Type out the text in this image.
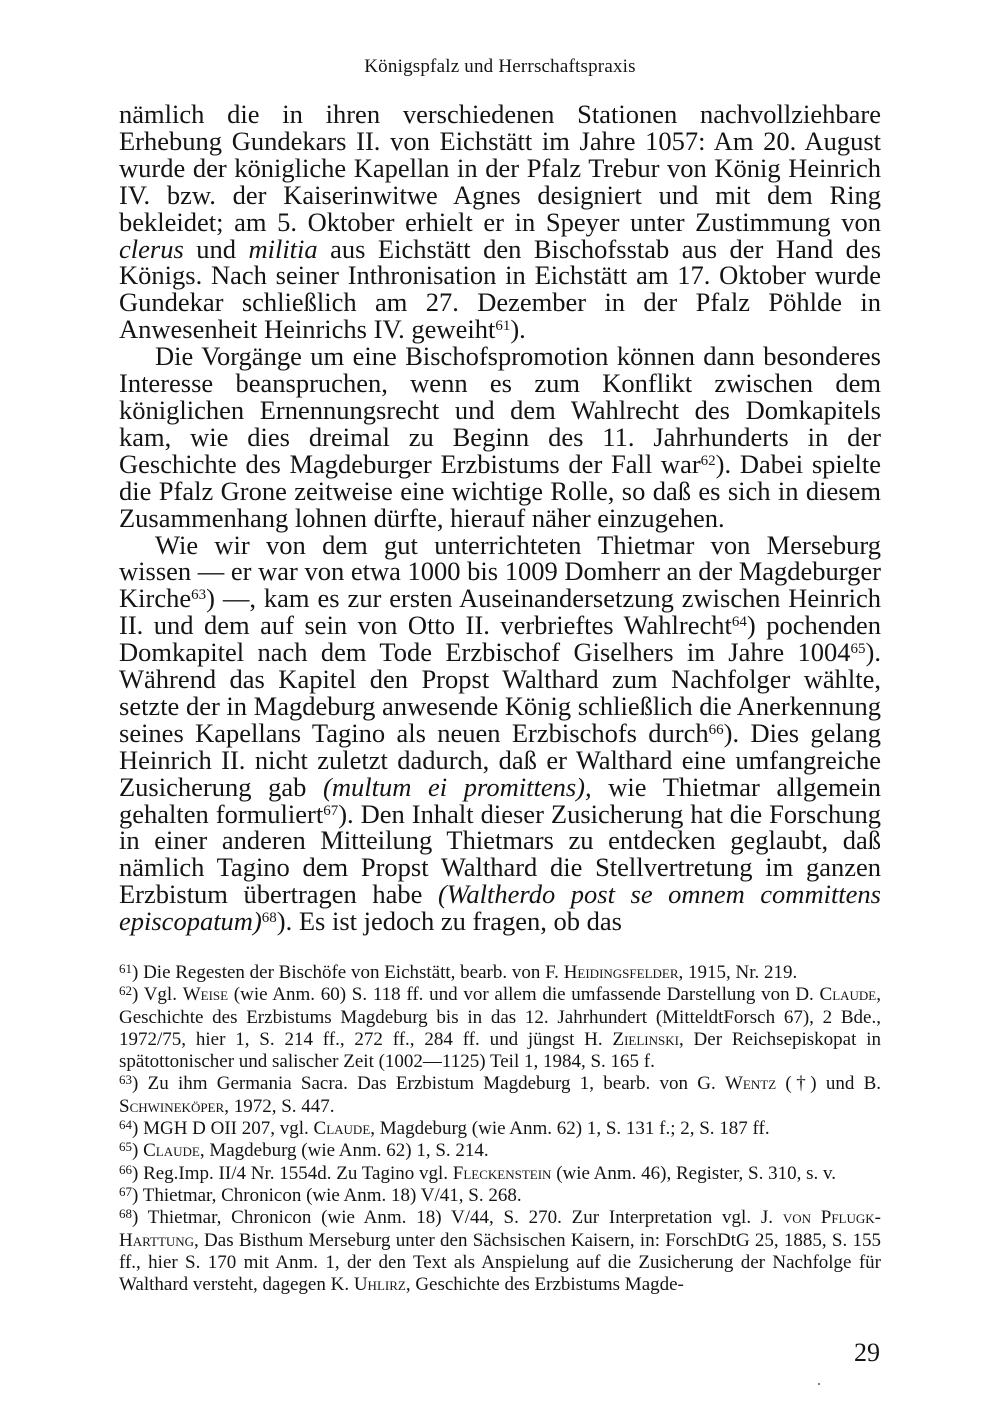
Königspfalz und Herrschaftspraxis

nämlich die in ihren verschiedenen Stationen nachvollziehbare Erhebung Gundekars II. von Eichstätt im Jahre 1057: Am 20. August wurde der königliche Kapellan in der Pfalz Trebur von König Heinrich IV. bzw. der Kaiserinwitwe Agnes designiert und mit dem Ring bekleidet; am 5. Oktober erhielt er in Speyer unter Zustimmung von clerus und militia aus Eichstätt den Bischofsstab aus der Hand des Königs. Nach seiner Inthronisation in Eichstätt am 17. Oktober wurde Gundekar schließlich am 27. Dezember in der Pfalz Pöhlde in Anwesenheit Heinrichs IV. geweiht$^{61}$).

Die Vorgänge um eine Bischofspromotion können dann besonderes Interesse beanspruchen, wenn es zum Konflikt zwischen dem königlichen Ernennungsrecht und dem Wahlrecht des Domkapitels kam, wie dies dreimal zu Beginn des 11. Jahrhunderts in der Geschichte des Magdeburger Erzbistums der Fall war$^{62}$). Dabei spielte die Pfalz Grone zeitweise eine wichtige Rolle, so daß es sich in diesem Zusammenhang lohnen dürfte, hierauf näher einzugehen.

Wie wir von dem gut unterrichteten Thietmar von Merseburg wissen — er war von etwa 1000 bis 1009 Domherr an der Magdeburger Kirche$^{63}$) —, kam es zur ersten Auseinandersetzung zwischen Heinrich II. und dem auf sein von Otto II. verbrieftes Wahlrecht$^{64}$) pochenden Domkapitel nach dem Tode Erzbischof Giselhers im Jahre 1004$^{65}$). Während das Kapitel den Propst Walthard zum Nachfolger wählte, setzte der in Magdeburg anwesende König schließlich die Anerkennung seines Kapellans Tagino als neuen Erzbischofs durch$^{66}$). Dies gelang Heinrich II. nicht zuletzt dadurch, daß er Walthard eine umfangreiche Zusicherung gab (multum ei promittens), wie Thietmar allgemein gehalten formuliert$^{67}$). Den Inhalt dieser Zusicherung hat die Forschung in einer anderen Mitteilung Thietmars zu entdecken geglaubt, daß nämlich Tagino dem Propst Walthard die Stellvertretung im ganzen Erzbistum übertragen habe (Waltherdo post se omnem committens episcopatum)$^{68}$). Es ist jedoch zu fragen, ob das

$^{61}$) Die Regesten der Bischöfe von Eichstätt, bearb. von F. Heidingsfelder, 1915, Nr. 219.

$^{62}$) Vgl. Weise (wie Anm. 60) S. 118 ff. und vor allem die umfassende Darstellung von D. Claude, Geschichte des Erzbistums Magdeburg bis in das 12. Jahrhundert (MitteldtForsch 67), 2 Bde., 1972/75, hier 1, S. 214 ff., 272 ff., 284 ff. und jüngst H. Zielinski, Der Reichsepiskopat in spätottonischer und salischer Zeit (1002—1125) Teil 1, 1984, S. 165 f.

$^{63}$) Zu ihm Germania Sacra. Das Erzbistum Magdeburg 1, bearb. von G. Wentz (†) und B. Schwineköper, 1972, S. 447.

$^{64}$) MGH D OII 207, vgl. Claude, Magdeburg (wie Anm. 62) 1, S. 131 f.; 2, S. 187 ff.

$^{65}$) Claude, Magdeburg (wie Anm. 62) 1, S. 214.

$^{66}$) Reg.Imp. II/4 Nr. 1554d. Zu Tagino vgl. Fleckenstein (wie Anm. 46), Register, S. 310, s. v.

$^{67}$) Thietmar, Chronicon (wie Anm. 18) V/41, S. 268.

$^{68}$) Thietmar, Chronicon (wie Anm. 18) V/44, S. 270. Zur Interpretation vgl. J. von Pflugk-Harttung, Das Bisthum Merseburg unter den Sächsischen Kaisern, in: ForschDtG 25, 1885, S. 155 ff., hier S. 170 mit Anm. 1, der den Text als Anspielung auf die Zusicherung der Nachfolge für Walthard versteht, dagegen K. Uhlirz, Geschichte des Erzbistums Magde-

29
